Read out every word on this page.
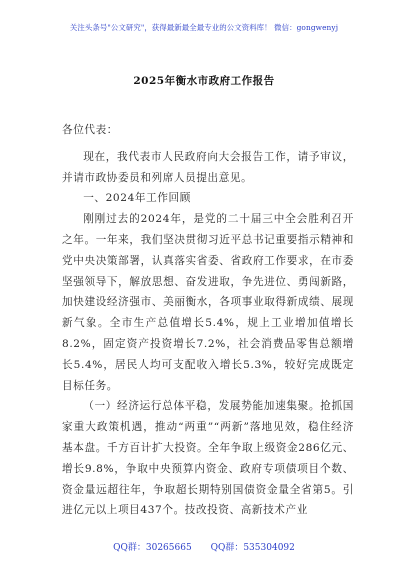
关注头条号"公文研究"，获得最新最全最专业的公文资料库！ 微信：gongwenyj
2025年衡水市政府工作报告

各位代表：

现在，我代表市人民政府向大会报告工作，请予审议，并请市政协委员和列席人员提出意见。

一、2024年工作回顾

刚刚过去的2024年，是党的二十届三中全会胜利召开之年。一年来，我们坚决贯彻习近平总书记重要指示精神和党中央决策部署，认真落实省委、省政府工作要求，在市委坚强领导下，解放思想、奋发进取，争先进位、勇闯新路，加快建设经济强市、美丽衡水，各项事业取得新成绩、展现新气象。全市生产总值增长5.4%，规上工业增加值增长8.2%，固定资产投资增长7.2%，社会消费品零售总额增长5.4%，居民人均可支配收入增长5.3%，较好完成既定目标任务。

（一）经济运行总体平稳，发展势能加速集聚。抢抓国家重大政策机遇，推动“两重”“两新”落地见效，稳住经济基本盘。千方百计扩大投资。全年争取上级资金286亿元、增长9.8%，争取中央预算内资金、政府专项债项目个数、资金量远超往年，争取超长期特别国债资金量全省第5。引进亿元以上项目437个。技改投资、高新技术产业

QQ群：30265665 QQ群：535304092
